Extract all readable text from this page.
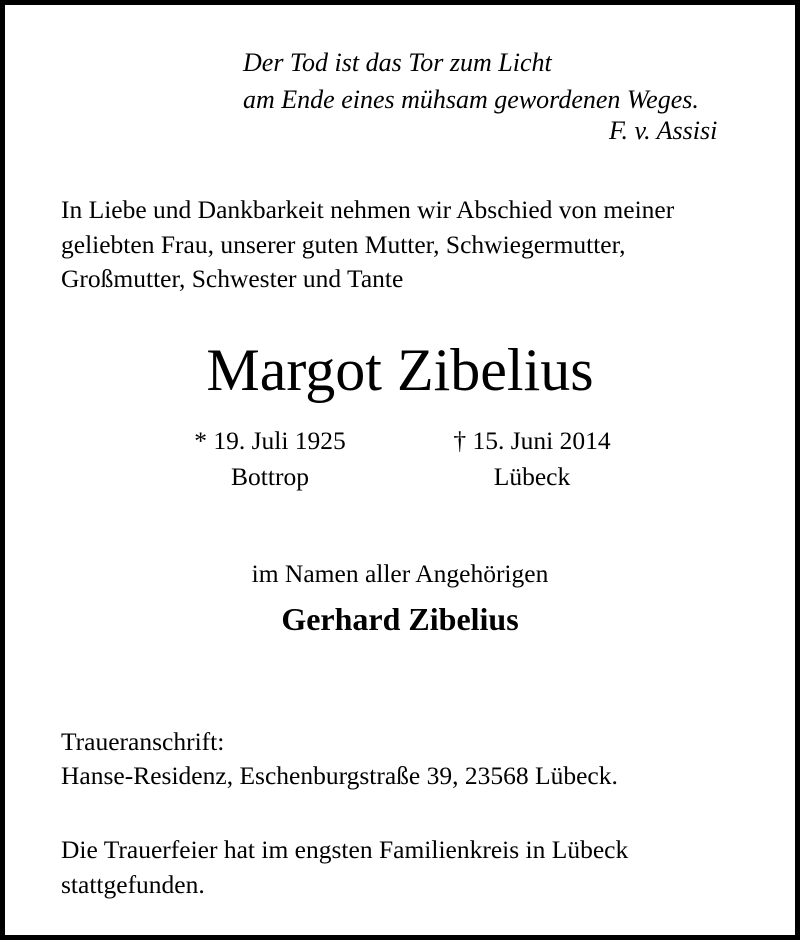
Der Tod ist das Tor zum Licht
am Ende eines mühsam gewordenen Weges.
F. v. Assisi
In Liebe und Dankbarkeit nehmen wir Abschied von meiner
geliebten Frau, unserer guten Mutter, Schwiegermutter,
Großmutter, Schwester und Tante
Margot Zibelius
* 19. Juli 1925
Bottrop
† 15. Juni 2014
Lübeck
im Namen aller Angehörigen
Gerhard Zibelius
Traueranschrift:
Hanse-Residenz, Eschenburgstraße 39, 23568 Lübeck.
Die Trauerfeier hat im engsten Familienkreis in Lübeck
stattgefunden.
